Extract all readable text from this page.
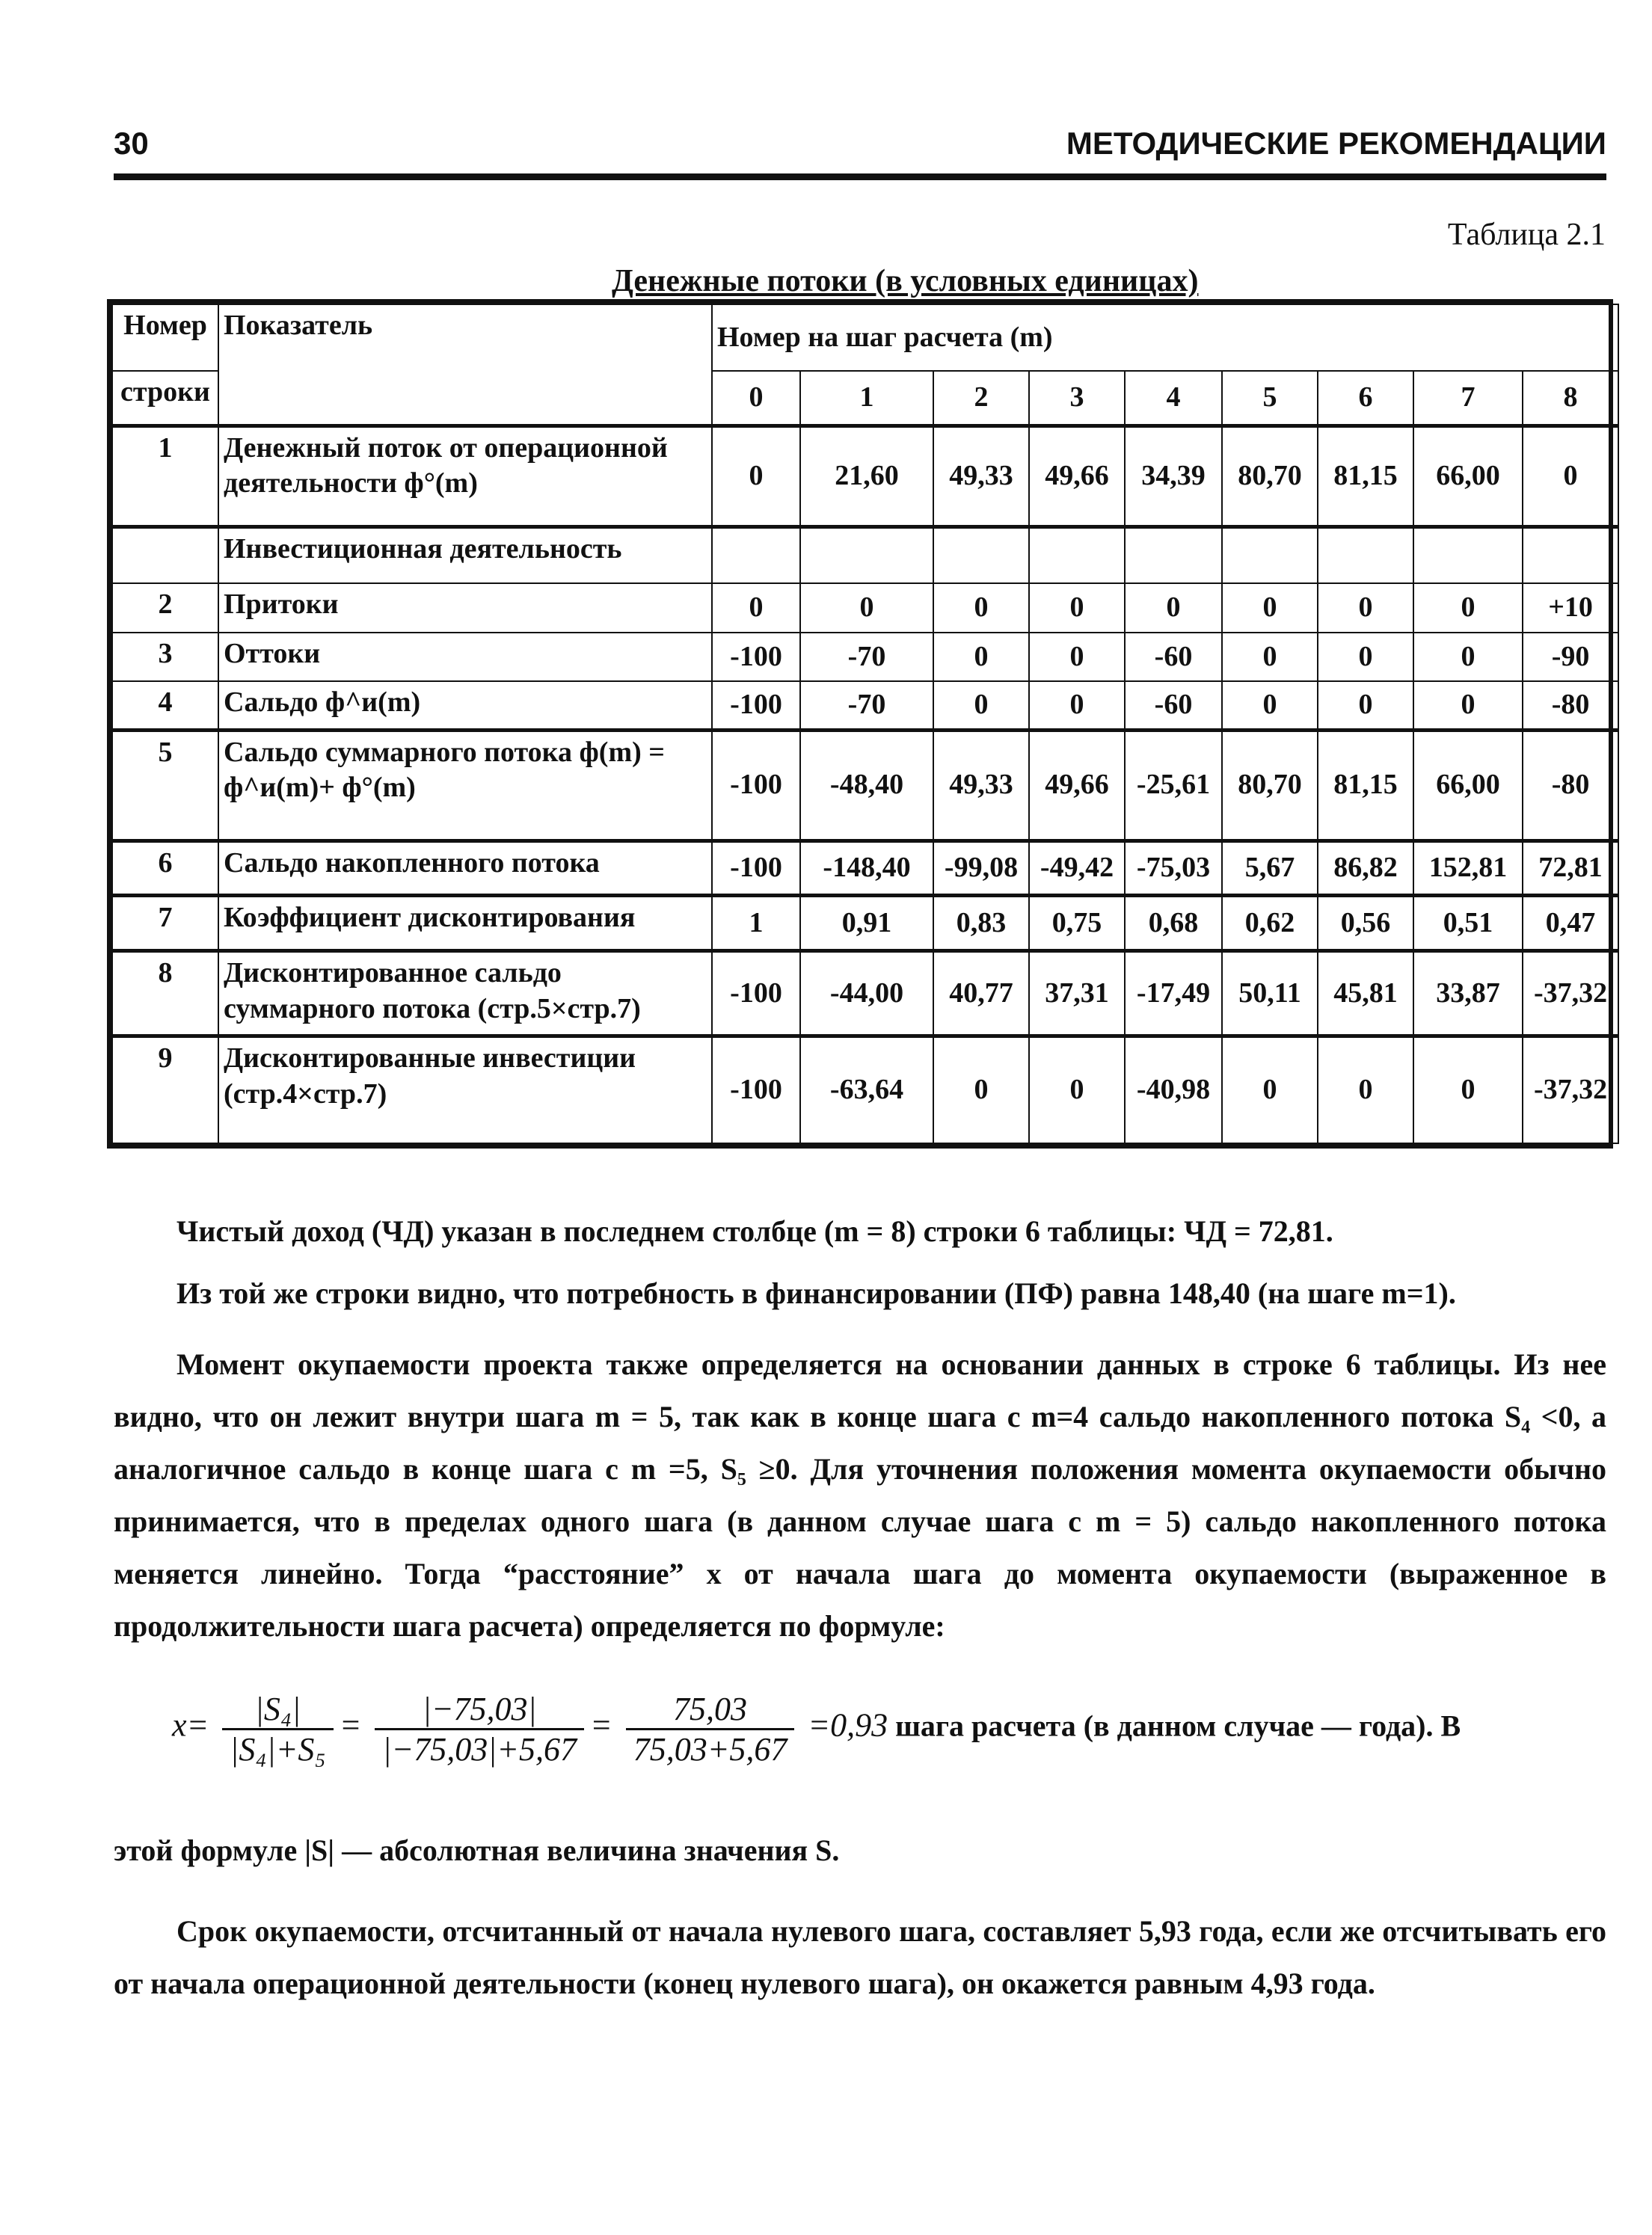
30	МЕТОДИЧЕСКИЕ РЕКОМЕНДАЦИИ
Таблица 2.1
Денежные потоки (в условных единицах)
Номер	Показатель	Номер на шаг расчета (m)								
строки		0	1	2	3	4	5	6	7	8
1	Денежный поток от операционной деятельности ф°(m)	0	21,60	49,33	49,66	34,39	80,70	81,15	66,00	0
	Инвестиционная деятельность									
2	Притоки	0	0	0	0	0	0	0	0	+10
3	Оттоки	-100	-70	0	0	-60	0	0	0	-90
4	Сальдо ф^и(m)	-100	-70	0	0	-60	0	0	0	-80
5	Сальдо суммарного потока ф(m) = ф^и(m)+ ф°(m)	-100	-48,40	49,33	49,66	-25,61	80,70	81,15	66,00	-80
6	Сальдо накопленного потока	-100	-148,40	-99,08	-49,42	-75,03	5,67	86,82	152,81	72,81
7	Коэффициент дисконтирования	1	0,91	0,83	0,75	0,68	0,62	0,56	0,51	0,47
8	Дисконтированное сальдо суммарного потока (стр.5×стр.7)	-100	-44,00	40,77	37,31	-17,49	50,11	45,81	33,87	-37,32
9	Дисконтированные инвестиции (стр.4×стр.7)	-100	-63,64	0	0	-40,98	0	0	0	-37,32
Чистый доход (ЧД) указан в последнем столбце (m = 8) строки 6 таблицы: ЧД = 72,81.
Из той же строки видно, что потребность в финансировании (ПФ) равна 148,40 (на шаге m=1).
Момент окупаемости проекта также определяется на основании данных в строке 6 таблицы. Из нее видно, что он лежит внутри шага m = 5, так как в конце шага с m=4 сальдо накопленного потока S₄ <0, а аналогичное сальдо в конце шага с m =5, S₅ ≥0. Для уточнения положения момента окупаемости обычно принимается, что в пределах одного шага (в данном случае шага с m = 5) сальдо накопленного потока меняется линейно. Тогда “расстояние” x от начала шага до момента окупаемости (выраженное в продолжительности шага расчета) определяется по формуле:
$x= \frac{\text{|S₄|}}{\text{|S₄|+S₅}} = \frac{|-75,03|}{|-75,03|+5,67} = \frac{75,03}{75,03+5,67} =0,93$ шага расчета (в данном случае — года). В
этой формуле |S| — абсолютная величина значения S.
Срок окупаемости, отсчитанный от начала нулевого шага, составляет 5,93 года, если же отсчитывать его от начала операционной деятельности (конец нулевого шага), он окажется равным 4,93 года.
